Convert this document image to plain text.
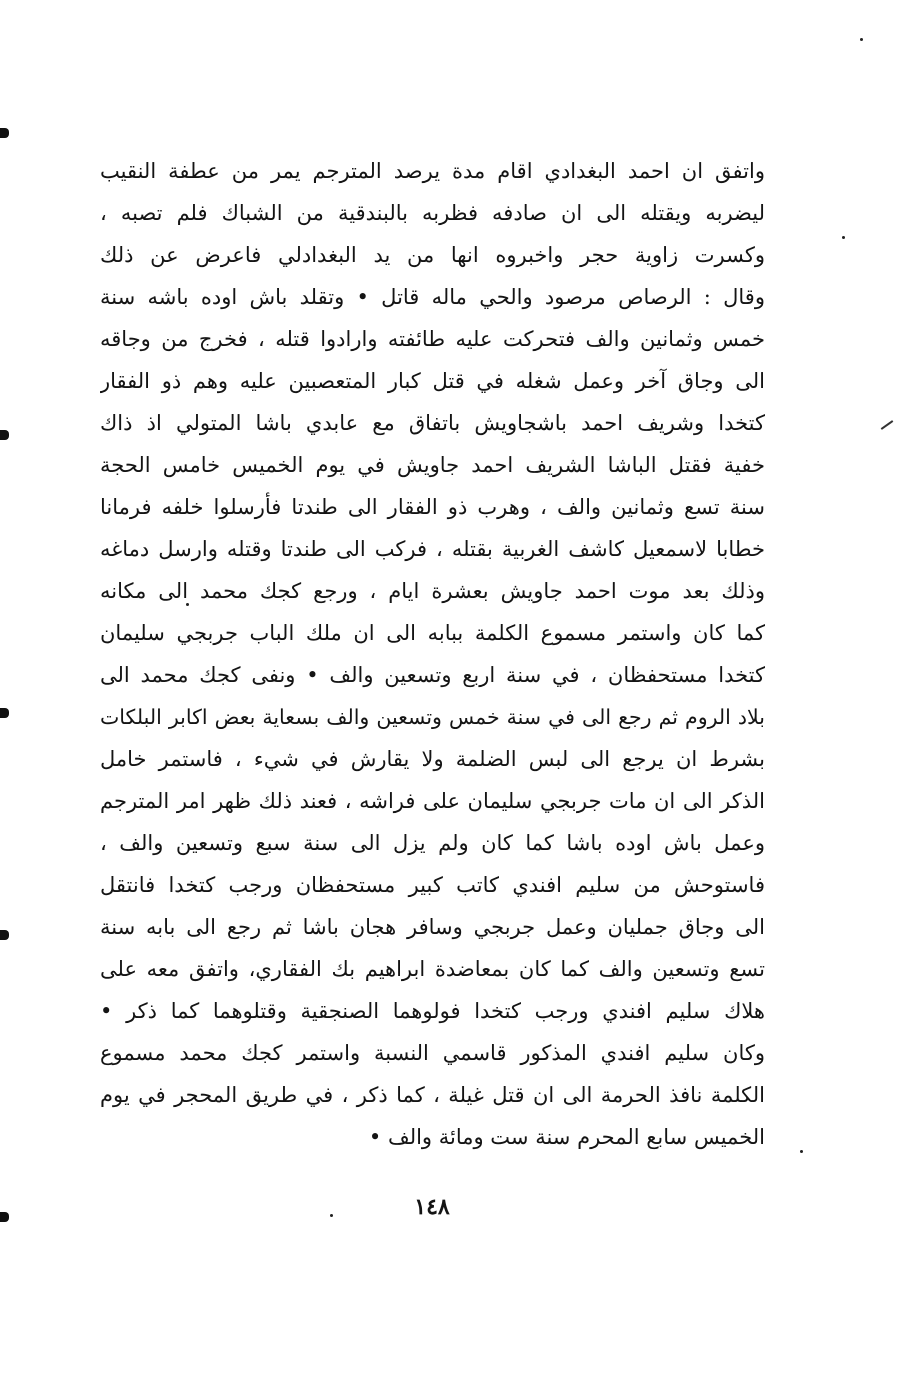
واتفق ان احمد البغدادي اقام مدة يرصد المترجم يمر من عطفة النقيب
ليضربه ويقتله الى ان صادفه فظربه بالبندقية من الشباك فلم تصبه ،
وكسرت زاوية حجر واخبروه انها من يد البغدادلي فاعرض عن ذلك
وقال : الرصاص مرصود والحي ماله قاتل • وتقلد باش اوده باشه سنة
خمس وثمانين والف فتحركت عليه طائفته وارادوا قتله ، فخرج من وجاقه
الى وجاق آخر وعمل شغله في قتل كبار المتعصبين عليه وهم ذو الفقار
كتخدا وشريف احمد باشجاويش باتفاق مع عابدي باشا المتولي اذ ذاك
خفية فقتل الباشا الشريف احمد جاويش في يوم الخميس خامس الحجة
سنة تسع وثمانين والف ، وهرب ذو الفقار الى طندتا فأرسلوا خلفه فرمانا
خطابا لاسمعيل كاشف الغربية بقتله ، فركب الى طندتا وقتله وارسل دماغه
وذلك بعد موت احمد جاويش بعشرة ايام ، ورجع كجك محمد الى مكانه
كما كان واستمر مسموع الكلمة ببابه الى ان ملك الباب جربجي سليمان
كتخدا مستحفظان ، في سنة اربع وتسعين والف • ونفى كجك محمد الى
بلاد الروم ثم رجع الى في سنة خمس وتسعين والف بسعاية بعض اكابر البلكات
بشرط ان يرجع الى لبس الضلمة ولا يقارش في شيء ، فاستمر خامل
الذكر الى ان مات جربجي سليمان على فراشه ، فعند ذلك ظهر امر المترجم
وعمل باش اوده باشا كما كان ولم يزل الى سنة سبع وتسعين والف ،
فاستوحش من سليم افندي كاتب كبير مستحفظان ورجب كتخدا فانتقل
الى وجاق جمليان وعمل جربجي وسافر هجان باشا ثم رجع الى بابه سنة
تسع وتسعين والف كما كان بمعاضدة ابراهيم بك الفقاري، واتفق معه على
هلاك سليم افندي ورجب كتخدا فولوهما الصنجقية وقتلوهما كما ذكر •
وكان سليم افندي المذكور قاسمي النسبة واستمر كجك محمد مسموع
الكلمة نافذ الحرمة الى ان قتل غيلة ، كما ذكر ، في طريق المحجر في يوم
الخميس سابع المحرم سنة ست ومائة والف •
١٤٨
